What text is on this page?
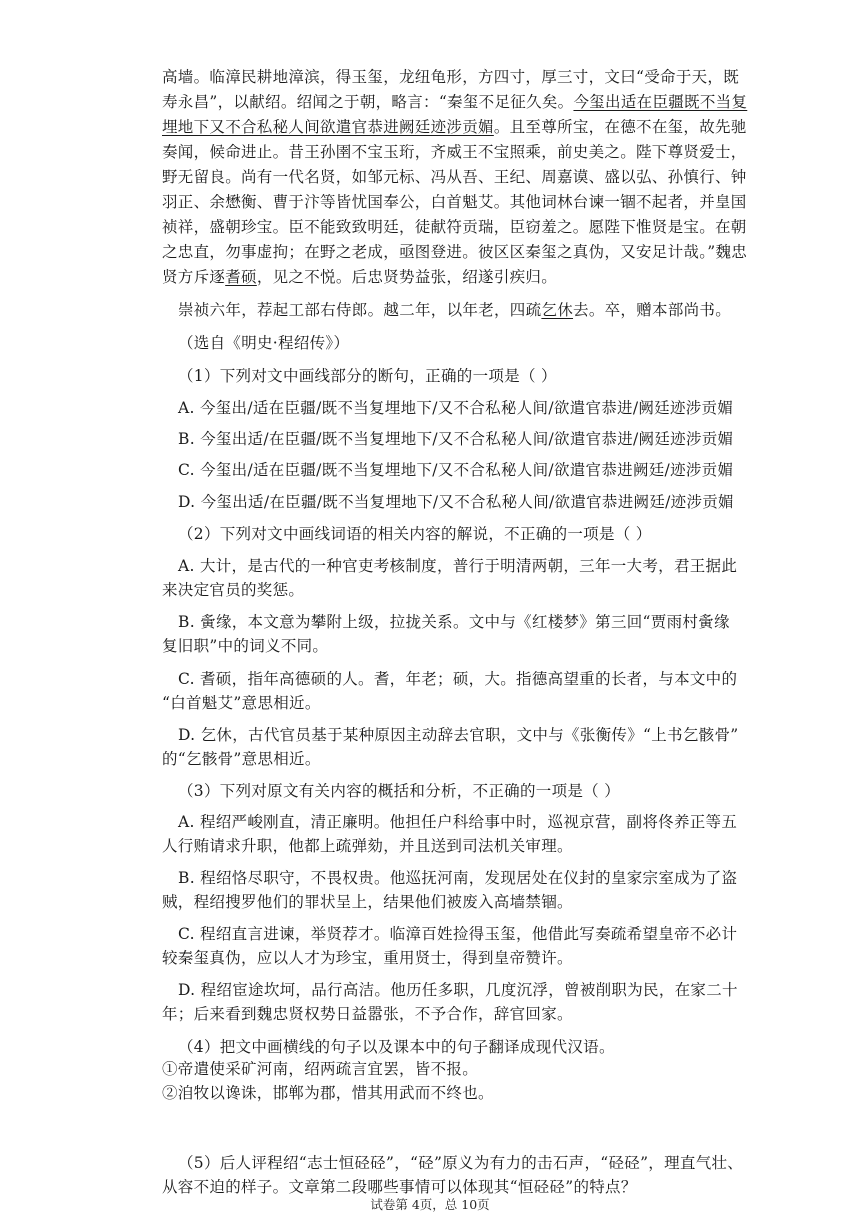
高墙。临漳民耕地漳滨，得玉玺，龙纽龟形，方四寸，厚三寸，文曰“受命于天，既
寿永昌”，以献绍。绍闻之于朝，略言：“秦玺不足征久矣。今玺出适在臣疆既不当复
埋地下又不合私秘人间欲遣官恭进阙廷迹涉贡媚。且至尊所宝，在德不在玺，故先驰
奏闻，候命进止。昔王孙圉不宝玉珩，齐威王不宝照乘，前史美之。陛下尊贤爱士，
野无留良。尚有一代名贤，如邹元标、冯从吾、王纪、周嘉谟、盛以弘、孙慎行、钟
羽正、余懋衡、曹于汴等皆忧国奉公，白首魁艾。其他词林台谏一锢不起者，并皇国
祯祥，盛朝珍宝。臣不能致致明廷，徒献符贡瑞，臣窃羞之。愿陛下惟贤是宝。在朝
之忠直，勿事虚拘；在野之老成，亟图登进。彼区区秦玺之真伪，又安足计哉。”魏忠
贤方斥逐耆硕，见之不悦。后忠贤势益张，绍遂引疾归。
崇祯六年，荐起工部右侍郎。越二年，以年老，四疏乞休去。卒，赠本部尚书。
（选自《明史·程绍传》）
（1）下列对文中画线部分的断句，正确的一项是（ ）
A. 今玺出/适在臣疆/既不当复埋地下/又不合私秘人间/欲遣官恭进/阙廷迹涉贡媚
B. 今玺出适/在臣疆/既不当复埋地下/又不合私秘人间/欲遣官恭进/阙廷迹涉贡媚
C. 今玺出/适在臣疆/既不当复埋地下/又不合私秘人间/欲遣官恭进阙廷/迹涉贡媚
D. 今玺出适/在臣疆/既不当复埋地下/又不合私秘人间/欲遣官恭进阙廷/迹涉贡媚
（2）下列对文中画线词语的相关内容的解说，不正确的一项是（ ）
A. 大计，是古代的一种官吏考核制度，普行于明清两朝，三年一大考，君王据此
来决定官员的奖惩。
B. 夤缘，本文意为攀附上级，拉拢关系。文中与《红楼梦》第三回“贾雨村夤缘
复旧职”中的词义不同。
C. 耆硕，指年高德硕的人。耆，年老；硕，大。指德高望重的长者，与本文中的
“白首魁艾”意思相近。
D. 乞休，古代官员基于某种原因主动辞去官职，文中与《张衡传》“上书乞骸骨”
的“乞骸骨”意思相近。
（3）下列对原文有关内容的概括和分析，不正确的一项是（ ）
A. 程绍严峻刚直，清正廉明。他担任户科给事中时，巡视京营，副将佟养正等五
人行贿请求升职，他都上疏弹劾，并且送到司法机关审理。
B. 程绍恪尽职守，不畏权贵。他巡抚河南，发现居处在仪封的皇家宗室成为了盗
贼，程绍搜罗他们的罪状呈上，结果他们被废入高墙禁锢。
C. 程绍直言进谏，举贤荐才。临漳百姓捡得玉玺，他借此写奏疏希望皇帝不必计
较秦玺真伪，应以人才为珍宝，重用贤士，得到皇帝赞许。
D. 程绍宦途坎坷，品行高洁。他历任多职，几度沉浮，曾被削职为民，在家二十
年；后来看到魏忠贤权势日益嚣张，不予合作，辞官回家。
（4）把文中画横线的句子以及课本中的句子翻译成现代汉语。
①帝遣使采矿河南，绍两疏言宜罢，皆不报。
②洎牧以谗诛，邯郸为郡，惜其用武而不终也。
（5）后人评程绍“志士恒硁硁”，“硁”原义为有力的击石声，“硁硁”，理直气壮、
从容不迫的样子。文章第二段哪些事情可以体现其“恒硁硁”的特点？
试卷第 4页，总 10页
